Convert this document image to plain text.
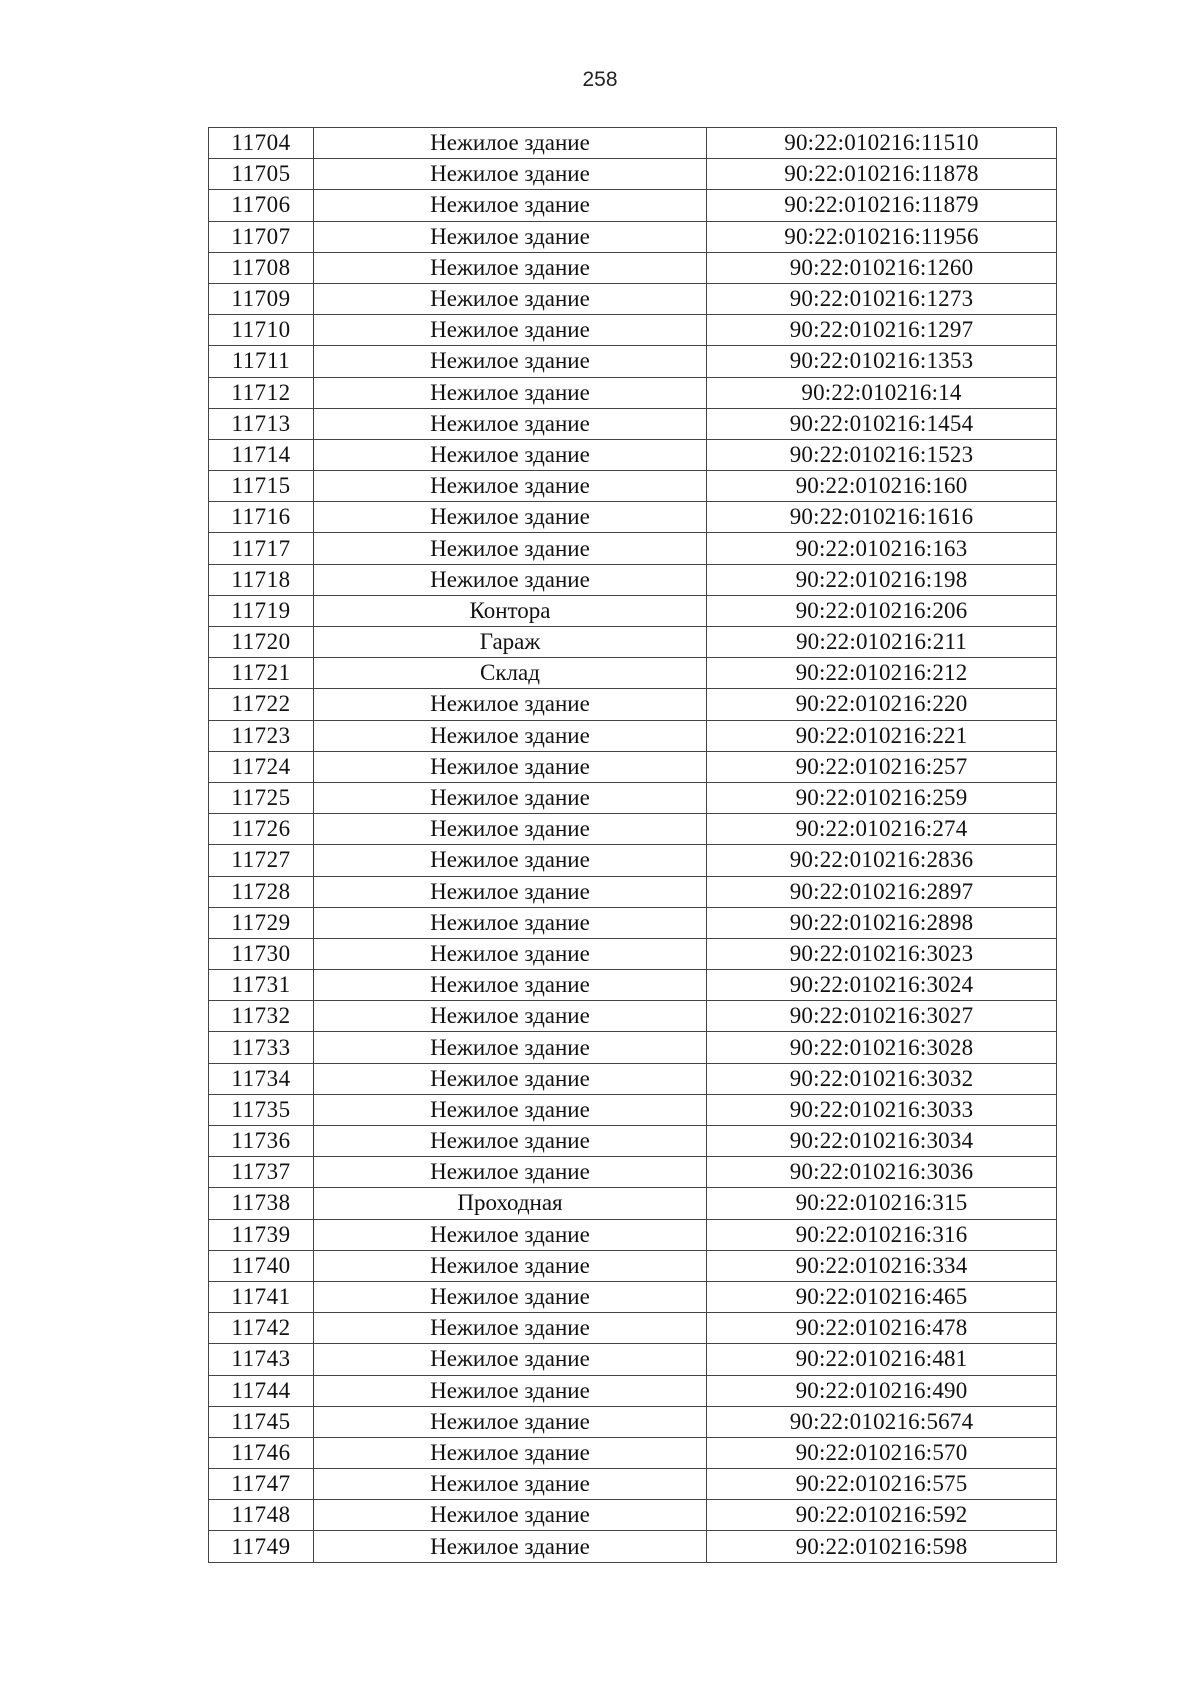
258
11704	Нежилое здание	90:22:010216:11510
11705	Нежилое здание	90:22:010216:11878
11706	Нежилое здание	90:22:010216:11879
11707	Нежилое здание	90:22:010216:11956
11708	Нежилое здание	90:22:010216:1260
11709	Нежилое здание	90:22:010216:1273
11710	Нежилое здание	90:22:010216:1297
11711	Нежилое здание	90:22:010216:1353
11712	Нежилое здание	90:22:010216:14
11713	Нежилое здание	90:22:010216:1454
11714	Нежилое здание	90:22:010216:1523
11715	Нежилое здание	90:22:010216:160
11716	Нежилое здание	90:22:010216:1616
11717	Нежилое здание	90:22:010216:163
11718	Нежилое здание	90:22:010216:198
11719	Контора	90:22:010216:206
11720	Гараж	90:22:010216:211
11721	Склад	90:22:010216:212
11722	Нежилое здание	90:22:010216:220
11723	Нежилое здание	90:22:010216:221
11724	Нежилое здание	90:22:010216:257
11725	Нежилое здание	90:22:010216:259
11726	Нежилое здание	90:22:010216:274
11727	Нежилое здание	90:22:010216:2836
11728	Нежилое здание	90:22:010216:2897
11729	Нежилое здание	90:22:010216:2898
11730	Нежилое здание	90:22:010216:3023
11731	Нежилое здание	90:22:010216:3024
11732	Нежилое здание	90:22:010216:3027
11733	Нежилое здание	90:22:010216:3028
11734	Нежилое здание	90:22:010216:3032
11735	Нежилое здание	90:22:010216:3033
11736	Нежилое здание	90:22:010216:3034
11737	Нежилое здание	90:22:010216:3036
11738	Проходная	90:22:010216:315
11739	Нежилое здание	90:22:010216:316
11740	Нежилое здание	90:22:010216:334
11741	Нежилое здание	90:22:010216:465
11742	Нежилое здание	90:22:010216:478
11743	Нежилое здание	90:22:010216:481
11744	Нежилое здание	90:22:010216:490
11745	Нежилое здание	90:22:010216:5674
11746	Нежилое здание	90:22:010216:570
11747	Нежилое здание	90:22:010216:575
11748	Нежилое здание	90:22:010216:592
11749	Нежилое здание	90:22:010216:598
